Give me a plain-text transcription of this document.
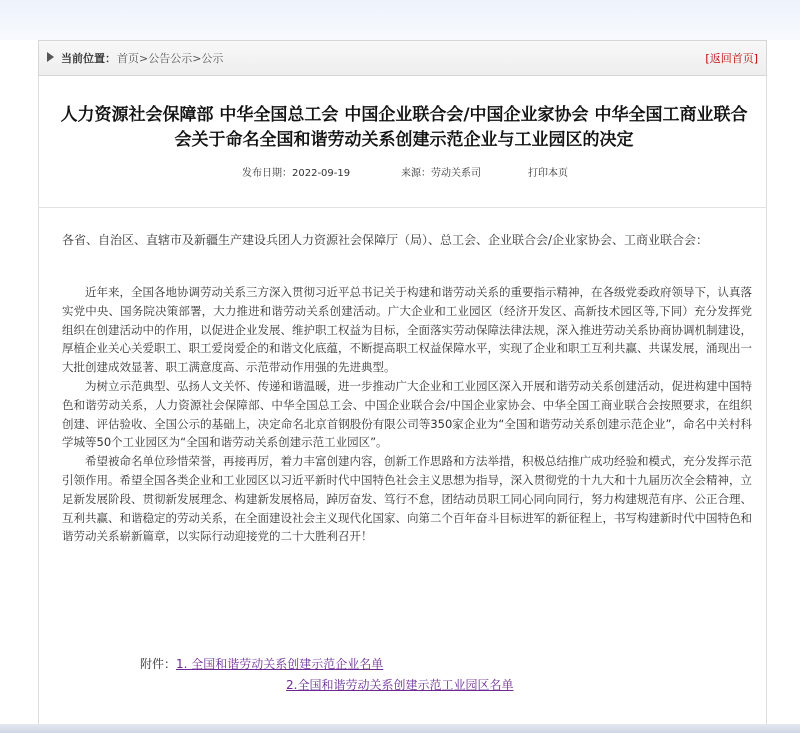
当前位置： 首页>公告公示>公示	[返回首页]
人力资源社会保障部 中华全国总工会 中国企业联合会/中国企业家协会 中华全国工商业联合会关于命名全国和谐劳动关系创建示范企业与工业园区的决定
发布日期：2022-09-19	来源：劳动关系司	打印本页
各省、自治区、直辖市及新疆生产建设兵团人力资源社会保障厅（局）、总工会、企业联合会/企业家协会、工商业联合会：

近年来，全国各地协调劳动关系三方深入贯彻习近平总书记关于构建和谐劳动关系的重要指示精神，在各级党委政府领导下，认真落实党中央、国务院决策部署，大力推进和谐劳动关系创建活动。广大企业和工业园区（经济开发区、高新技术园区等,下同）充分发挥党组织在创建活动中的作用，以促进企业发展、维护职工权益为目标，全面落实劳动保障法律法规，深入推进劳动关系协商协调机制建设，厚植企业关心关爱职工、职工爱岗爱企的和谐文化底蕴，不断提高职工权益保障水平，实现了企业和职工互利共赢、共谋发展，涌现出一大批创建成效显著、职工满意度高、示范带动作用强的先进典型。

为树立示范典型、弘扬人文关怀、传递和谐温暖，进一步推动广大企业和工业园区深入开展和谐劳动关系创建活动，促进构建中国特色和谐劳动关系，人力资源社会保障部、中华全国总工会、中国企业联合会/中国企业家协会、中华全国工商业联合会按照要求，在组织创建、评估验收、全国公示的基础上，决定命名北京首钢股份有限公司等350家企业为“全国和谐劳动关系创建示范企业”，命名中关村科学城等50个工业园区为“全国和谐劳动关系创建示范工业园区”。

希望被命名单位珍惜荣誉，再接再厉，着力丰富创建内容，创新工作思路和方法举措，积极总结推广成功经验和模式，充分发挥示范引领作用。希望全国各类企业和工业园区以习近平新时代中国特色社会主义思想为指导，深入贯彻党的十九大和十九届历次全会精神，立足新发展阶段、贯彻新发展理念、构建新发展格局，踔厉奋发、笃行不怠，团结动员职工同心同向同行，努力构建规范有序、公正合理、互利共赢、和谐稳定的劳动关系，在全面建设社会主义现代化国家、向第二个百年奋斗目标进军的新征程上，书写构建新时代中国特色和谐劳动关系崭新篇章，以实际行动迎接党的二十大胜利召开！

附件：1. 全国和谐劳动关系创建示范企业名单
2.全国和谐劳动关系创建示范工业园区名单
